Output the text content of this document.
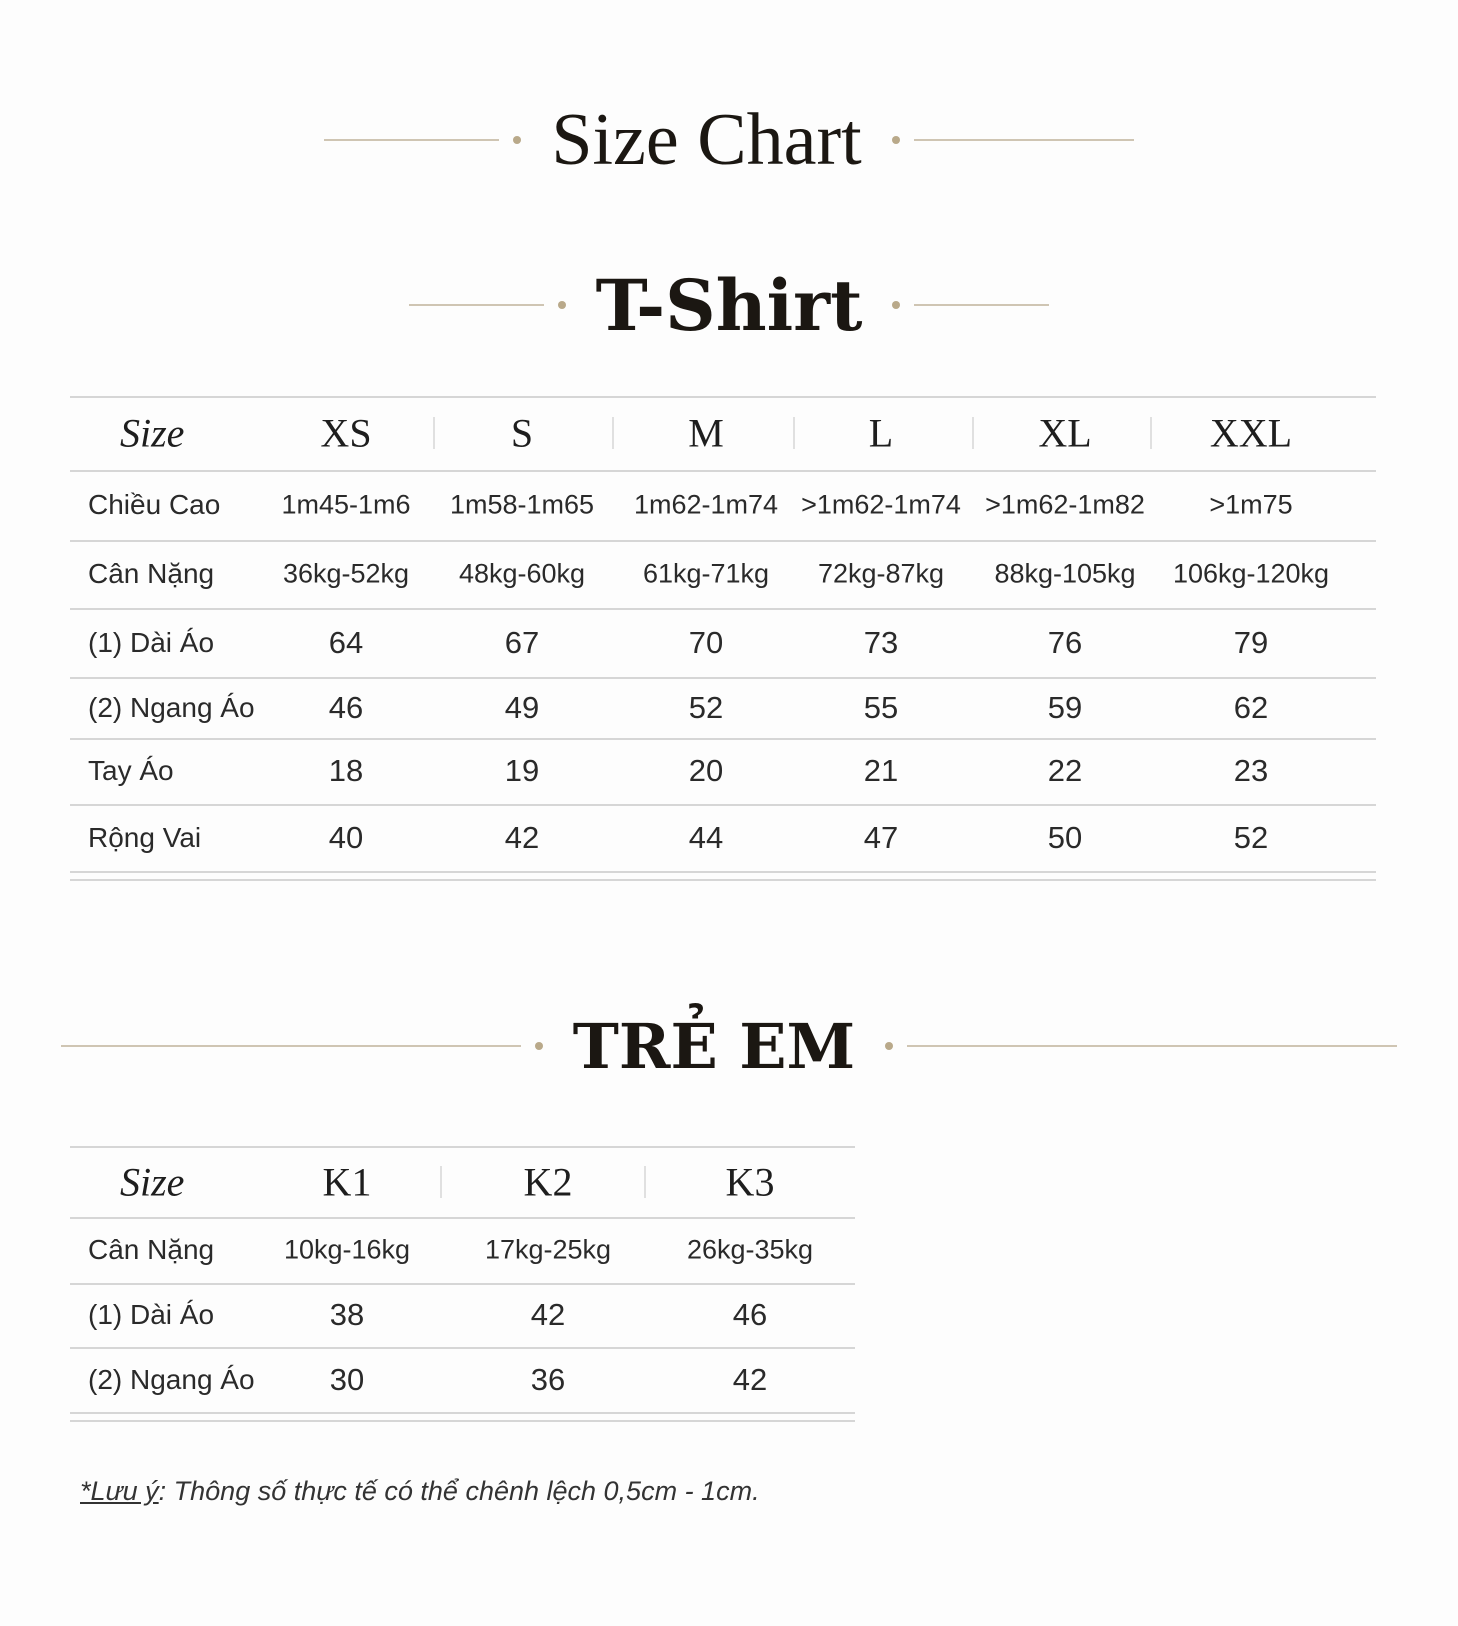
Size Chart
T-Shirt
Size	XS	S	M	L	XL	XXL
Chiều Cao 1m45-1m6 1m58-1m65 1m62-1m74 >1m62-1m74 >1m62-1m82 >1m75
Cân Nặng	36kg-52kg 48kg-60kg 61kg-71kg 72kg-87kg 88kg-105kg 106kg-120kg
(1) Dài Áo	64	67	70	73	76	79
(2) Ngang Áo 46	49	52	55	59	62
Tay Áo	18	19	20	21	22	23
Rộng Vai	40	42	44	47	50	52
TRẺ EM
Size	K1	K2	K3
Cân Nặng	10kg-16kg	17kg-25kg	26kg-35kg
(1) Dài Áo	38	42	46
(2) Ngang Áo 30	36	42
*Lưu ý: Thông số thực tế có thể chênh lệch 0,5cm - 1cm.
